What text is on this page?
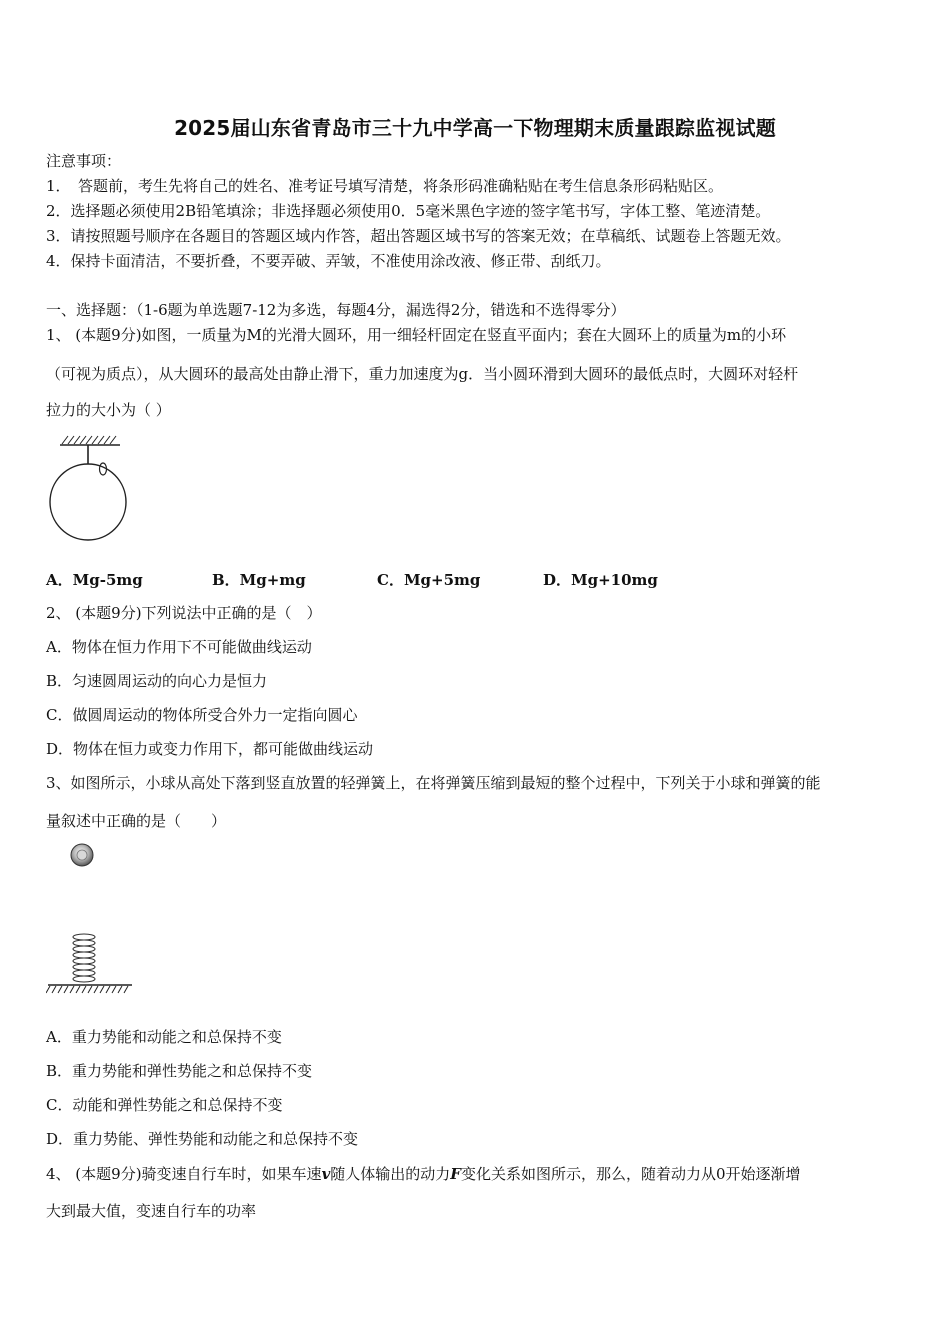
2025届山东省青岛市三十九中学高一下物理期末质量跟踪监视试题
注意事项：
1．　答题前，考生先将自己的姓名、准考证号填写清楚，将条形码准确粘贴在考生信息条形码粘贴区。
2．选择题必须使用2B铅笔填涂；非选择题必须使用0．5毫米黑色字迹的签字笔书写，字体工整、笔迹清楚。
3．请按照题号顺序在各题目的答题区域内作答，超出答题区域书写的答案无效；在草稿纸、试题卷上答题无效。
4．保持卡面清洁，不要折叠，不要弄破、弄皱，不准使用涂改液、修正带、刮纸刀。
一、选择题：（1-6题为单选题7-12为多选，每题4分，漏选得2分，错选和不选得零分）
1、 (本题9分)如图，一质量为M的光滑大圆环，用一细轻杆固定在竖直平面内；套在大圆环上的质量为m的小环
（可视为质点），从大圆环的最高处由静止滑下，重力加速度为g．当小圆环滑到大圆环的最低点时，大圆环对轻杆
拉力的大小为（ ）
A．Mg-5mg	B．Mg+mg	C．Mg+5mg	D．Mg+10mg
2、 (本题9分)下列说法中正确的是（　）
A．物体在恒力作用下不可能做曲线运动
B．匀速圆周运动的向心力是恒力
C．做圆周运动的物体所受合外力一定指向圆心
D．物体在恒力或变力作用下，都可能做曲线运动
3、如图所示，小球从高处下落到竖直放置的轻弹簧上，在将弹簧压缩到最短的整个过程中，下列关于小球和弹簧的能
量叙述中正确的是（　　）
A．重力势能和动能之和总保持不变
B．重力势能和弹性势能之和总保持不变
C．动能和弹性势能之和总保持不变
D．重力势能、弹性势能和动能之和总保持不变
4、 (本题9分)骑变速自行车时，如果车速v随人体输出的动力F变化关系如图所示，那么，随着动力从0开始逐渐增
大到最大值，变速自行车的功率
